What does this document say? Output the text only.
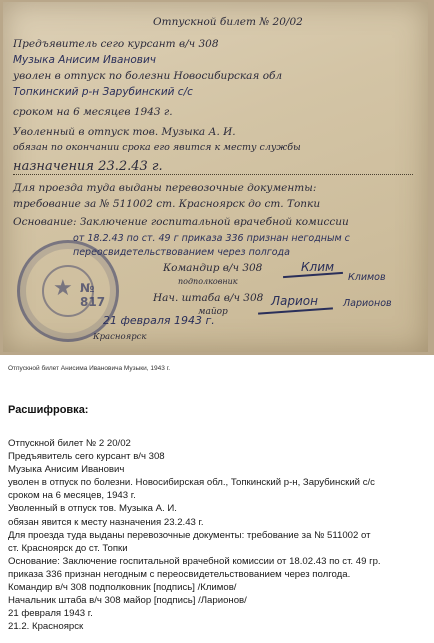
Отпускной билет № 20/02
Предъявитель сего курсант в/ч 308
Музыка Анисим Иванович
уволен в отпуск по болезни Новосибирская обл
Топкинский р-н Зарубинский с/с
сроком на 6 месяцев 1943 г.
Уволенный в отпуск тов. Музыка А. И.
обязан по окончании срока его явится к месту службы
назначения 23.2.43 г.
Для проезда туда выданы перевозочные документы:
требование за № 511002 ст. Красноярск до ст. Топки
Основание: Заключение госпитальной врачебной комиссии
от 18.2.43 по ст. 49 г приказа 336 признан негодным с
переосвидетельствованием через полгода
Командир в/ч 308
подполковник
Клим
Нач. штаба в/ч 308
майор
Ларион
Климов
Ларионов
21 февраля 1943 г.
Красноярск
★ № 817
Отпускной билет Анисима Ивановича Музыки, 1943 г.
Расшифровка:

Отпускной билет № 2 20/02

Предъявитель сего курсант в/ч 308

Музыка Анисим Иванович

уволен в отпуск по болезни. Новосибирская обл., Топкинский р-н, Зарубинский с/с

сроком на 6 месяцев, 1943 г.

Уволенный в отпуск тов. Музыка А. И.

обязан явится к месту назначения 23.2.43 г.

Для проезда туда выданы перевозочные документы: требование за № 511002 от

ст. Красноярск до ст. Топки

Основание: Заключение госпитальной врачебной комиссии от 18.02.43 по ст. 49 гр.

приказа 336 признан негодным с переосвидетельствованием через полгода.

Командир в/ч 308 подполковник [подпись] /Климов/

Начальник штаба в/ч 308 майор [подпись] /Ларионов/

21 февраля 1943 г.

21.2. Красноярск
